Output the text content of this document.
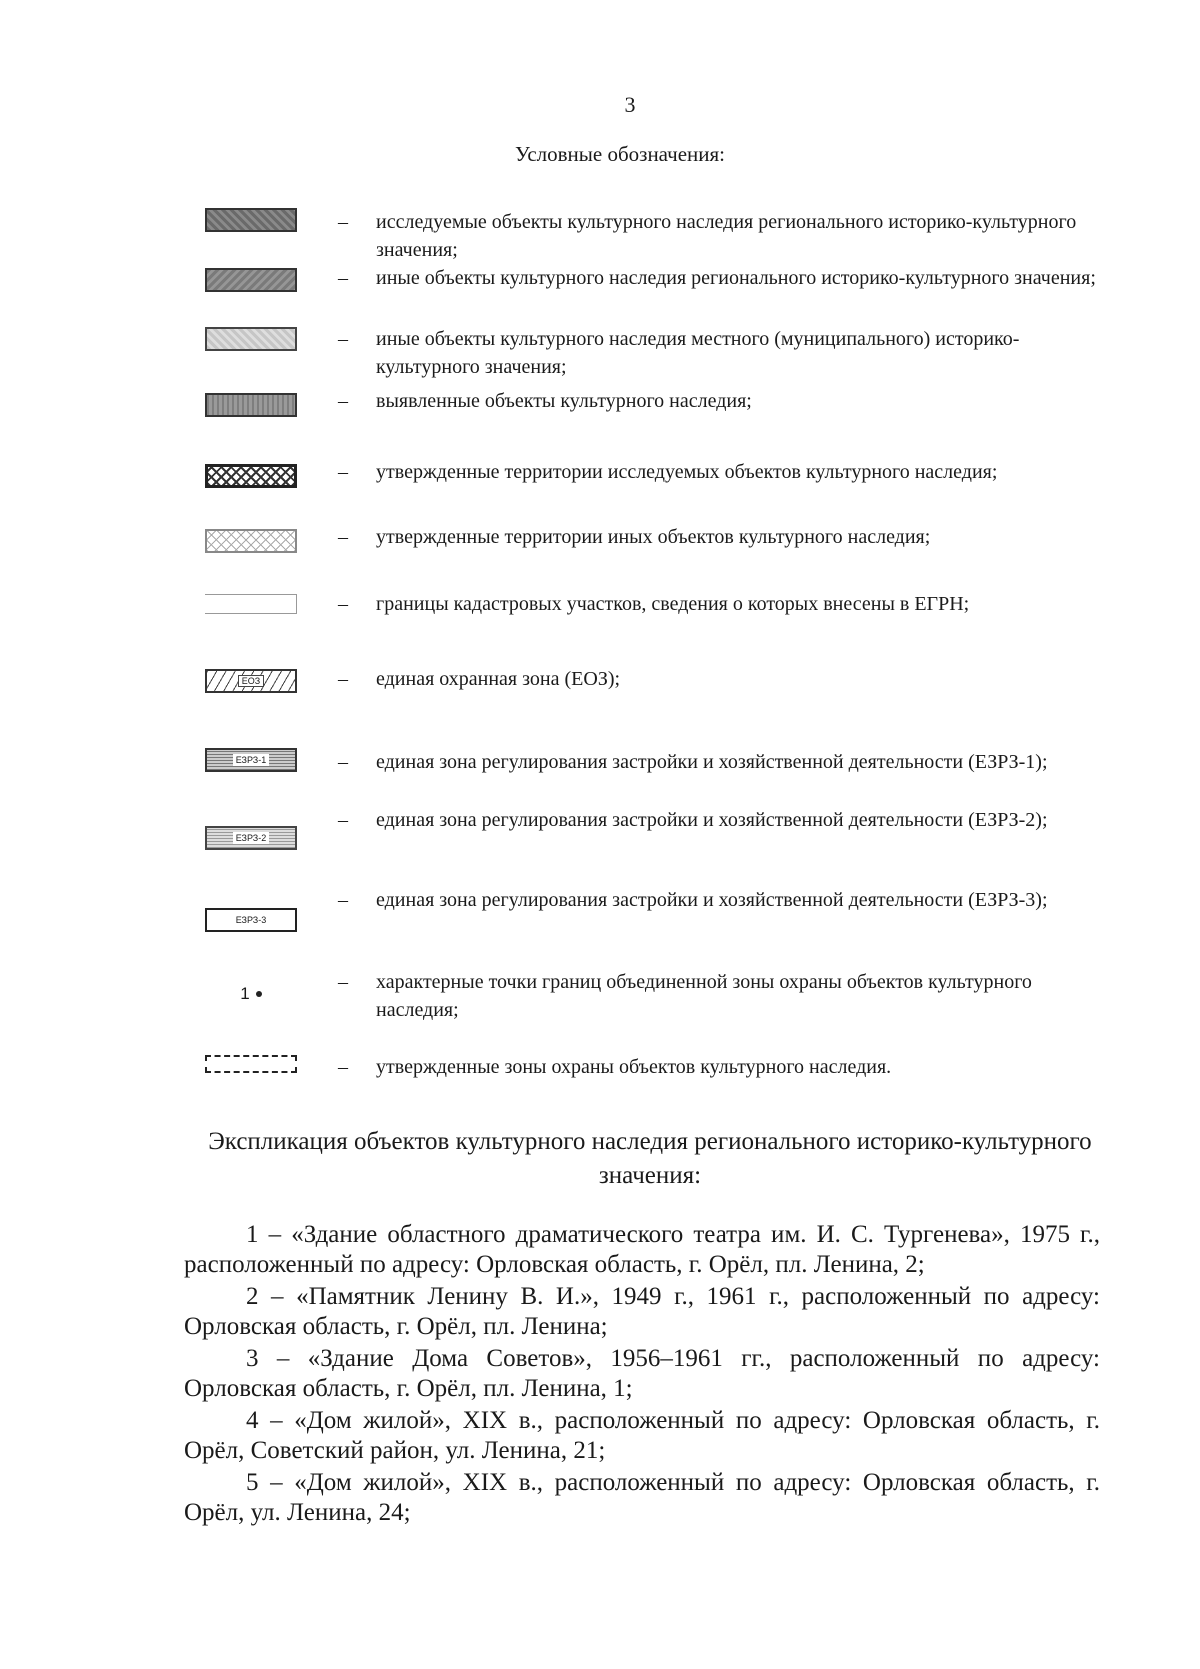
3
Условные обозначения:
– исследуемые объекты культурного наследия регионального историко-культурного значения;
– иные объекты культурного наследия регионального историко-культурного значения;
– иные объекты культурного наследия местного (муниципального) историко-культурного значения;
– выявленные объекты культурного наследия;
– утвержденные территории исследуемых объектов культурного наследия;
– утвержденные территории иных объектов культурного наследия;
– границы кадастровых участков, сведения о которых внесены в ЕГРН;
ЕОЗ	– единая охранная зона (ЕОЗ);
ЕЗРЗ-1	– единая зона регулирования застройки и хозяйственной деятельности (ЕЗРЗ-1);
ЕЗРЗ-2
– единая зона регулирования застройки и хозяйственной деятельности (ЕЗРЗ-2);
ЕЗРЗ-3
– единая зона регулирования застройки и хозяйственной деятельности (ЕЗРЗ-3);
1
– характерные точки границ объединенной зоны охраны объектов культурного наследия;
– утвержденные зоны охраны объектов культурного наследия.
Экспликация объектов культурного наследия регионального историко-культурного значения:
1 – «Здание областного драматического театра им. И. С. Тургенева», 1975 г., расположенный по адресу: Орловская область, г. Орёл, пл. Ленина, 2;
2 – «Памятник Ленину В. И.», 1949 г., 1961 г., расположенный по адресу: Орловская область, г. Орёл, пл. Ленина;
3 – «Здание Дома Советов», 1956–1961 гг., расположенный по адресу: Орловская область, г. Орёл, пл. Ленина, 1;
4 – «Дом жилой», XIX в., расположенный по адресу: Орловская область, г. Орёл, Советский район, ул. Ленина, 21;
5 – «Дом жилой», XIX в., расположенный по адресу: Орловская область, г. Орёл, ул. Ленина, 24;
